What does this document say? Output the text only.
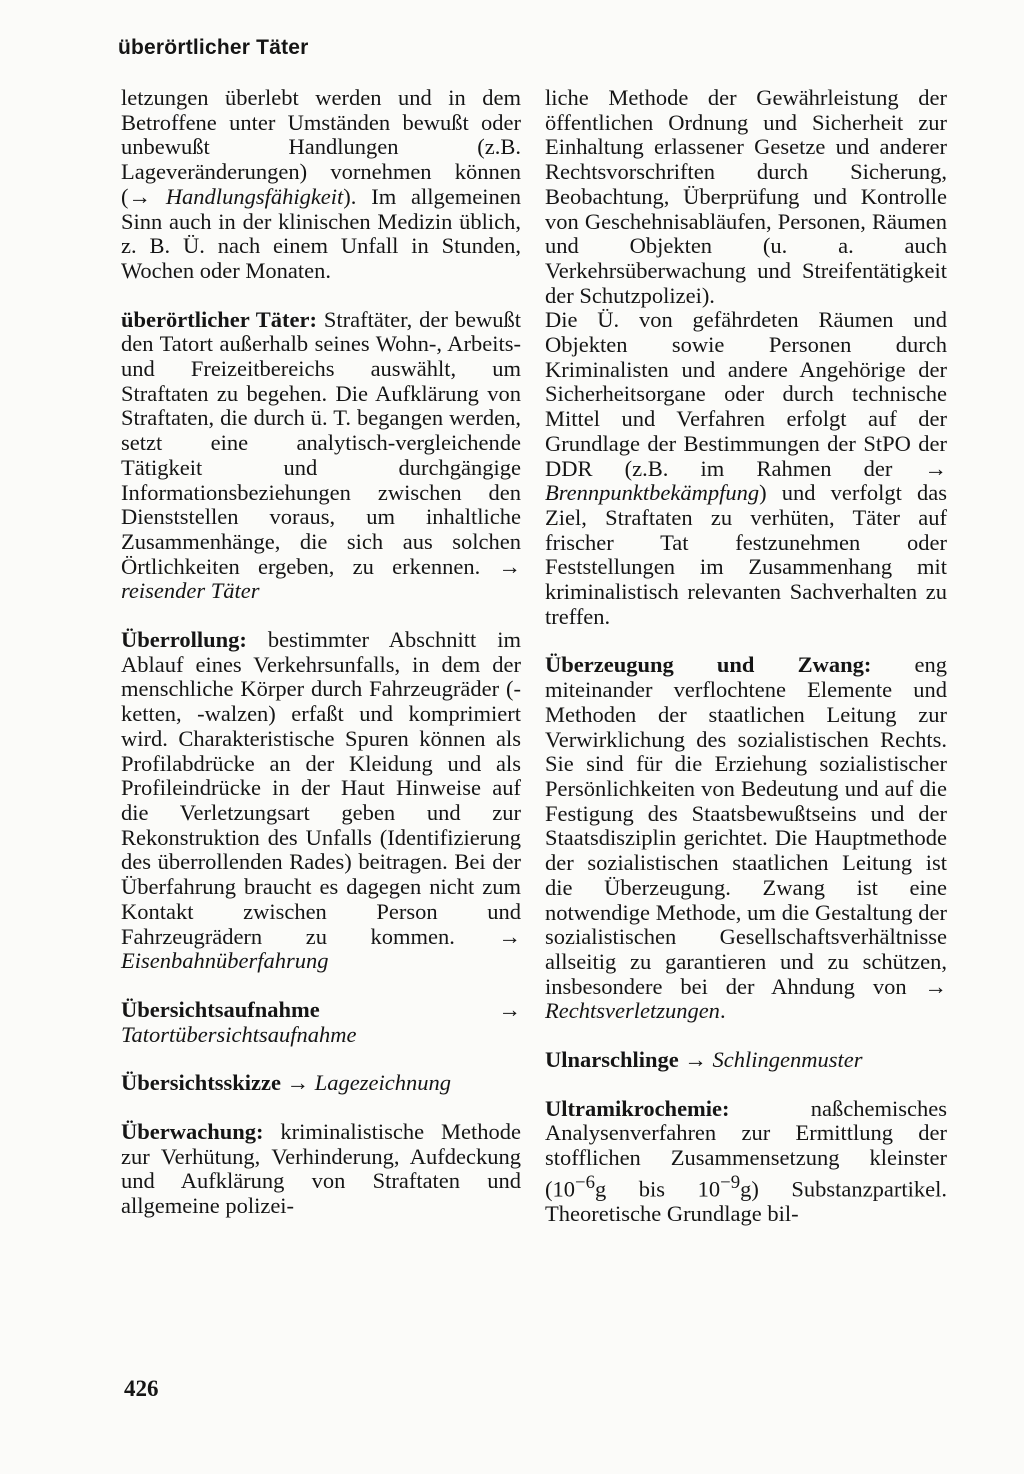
überörtlicher Täter

letzungen überlebt werden und in dem Betroffene unter Umständen bewußt oder unbewußt Handlungen (z.B. Lageveränderungen) vornehmen können (→ Handlungsfähigkeit). Im allgemeinen Sinn auch in der klinischen Medizin üblich, z. B. Ü. nach einem Unfall in Stunden, Wochen oder Monaten.

überörtlicher Täter: Straftäter, der bewußt den Tatort außerhalb seines Wohn-, Arbeits- und Freizeitbereichs auswählt, um Straftaten zu begehen. Die Aufklärung von Straftaten, die durch ü. T. begangen werden, setzt eine analytisch-vergleichende Tätigkeit und durchgängige Informationsbeziehungen zwischen den Dienststellen voraus, um inhaltliche Zusammenhänge, die sich aus solchen Örtlichkeiten ergeben, zu erkennen. → reisender Täter

Überrollung: bestimmter Abschnitt im Ablauf eines Verkehrsunfalls, in dem der menschliche Körper durch Fahrzeugräder (-ketten, -walzen) erfaßt und komprimiert wird. Charakteristische Spuren können als Profilabdrücke an der Kleidung und als Profileindrücke in der Haut Hinweise auf die Verletzungsart geben und zur Rekonstruktion des Unfalls (Identifizierung des überrollenden Rades) beitragen. Bei der Überfahrung braucht es dagegen nicht zum Kontakt zwischen Person und Fahrzeugrädern zu kommen. → Eisenbahnüberfahrung

Übersichtsaufnahme → Tatortübersichtsaufnahme

Übersichtsskizze → Lagezeichnung

Überwachung: kriminalistische Methode zur Verhütung, Verhinderung, Aufdeckung und Aufklärung von Straftaten und allgemeine polizei-

liche Methode der Gewährleistung der öffentlichen Ordnung und Sicherheit zur Einhaltung erlassener Gesetze und anderer Rechtsvorschriften durch Sicherung, Beobachtung, Überprüfung und Kontrolle von Geschehnisabläufen, Personen, Räumen und Objekten (u. a. auch Verkehrsüberwachung und Streifentätigkeit der Schutzpolizei).

Die Ü. von gefährdeten Räumen und Objekten sowie Personen durch Kriminalisten und andere Angehörige der Sicherheitsorgane oder durch technische Mittel und Verfahren erfolgt auf der Grundlage der Bestimmungen der StPO der DDR (z.B. im Rahmen der → Brennpunktbekämpfung) und verfolgt das Ziel, Straftaten zu verhüten, Täter auf frischer Tat festzunehmen oder Feststellungen im Zusammenhang mit kriminalistisch relevanten Sachverhalten zu treffen.

Überzeugung und Zwang: eng miteinander verflochtene Elemente und Methoden der staatlichen Leitung zur Verwirklichung des sozialistischen Rechts. Sie sind für die Erziehung sozialistischer Persönlichkeiten von Bedeutung und auf die Festigung des Staatsbewußtseins und der Staatsdisziplin gerichtet. Die Hauptmethode der sozialistischen staatlichen Leitung ist die Überzeugung. Zwang ist eine notwendige Methode, um die Gestaltung der sozialistischen Gesellschaftsverhältnisse allseitig zu garantieren und zu schützen, insbesondere bei der Ahndung von → Rechtsverletzungen.

Ulnarschlinge → Schlingenmuster

Ultramikrochemie: naßchemisches Analysenverfahren zur Ermittlung der stofflichen Zusammensetzung kleinster ($10^{-6}g$ bis $10^{-9}g$) Substanzpartikel. Theoretische Grundlage bil-

426
